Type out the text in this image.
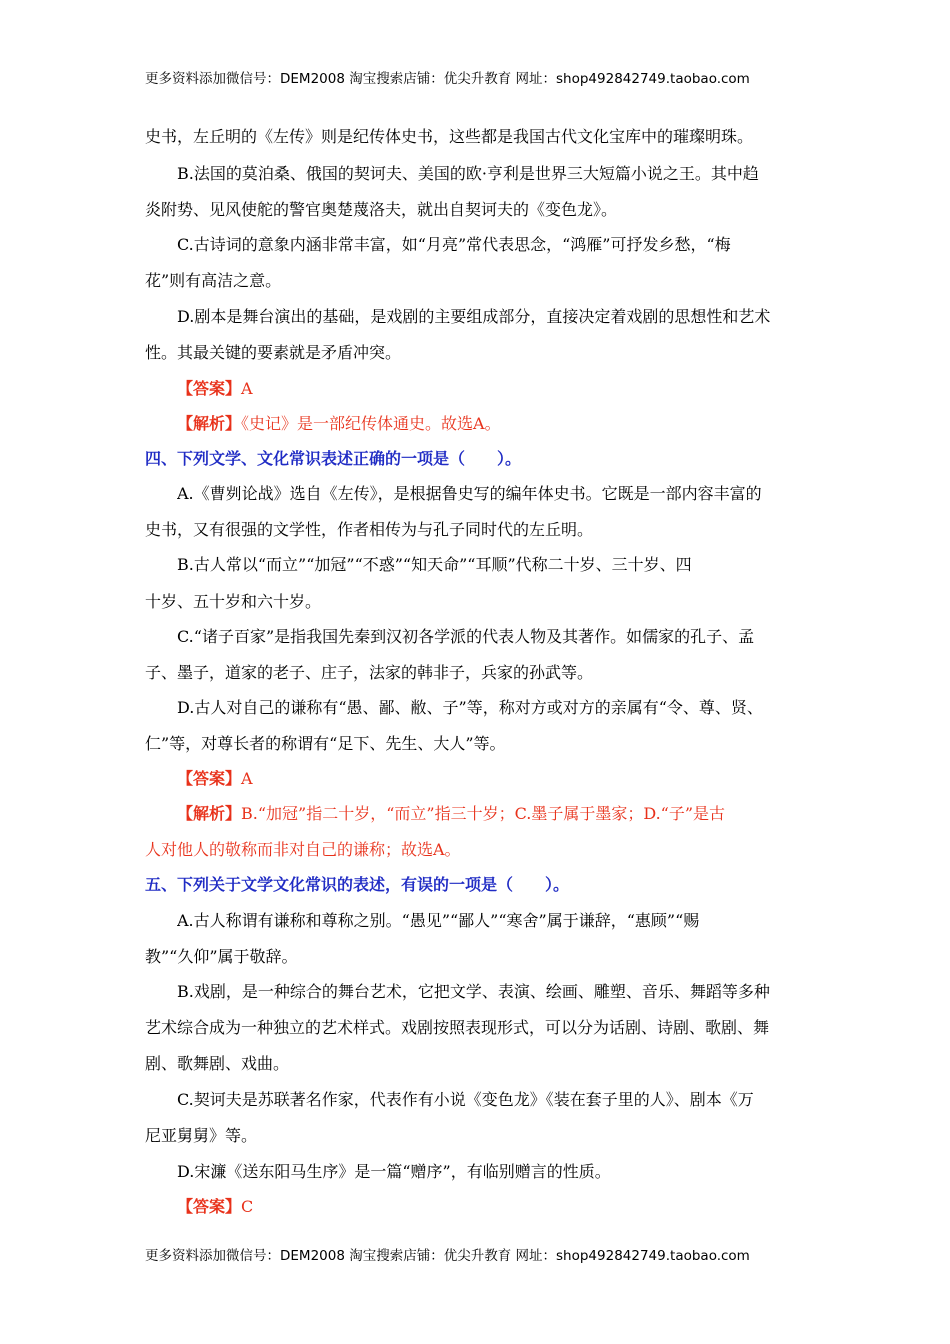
更多资料添加微信号：DEM2008 淘宝搜索店铺：优尖升教育 网址：shop492842749.taobao.com
史书，左丘明的《左传》则是纪传体史书，这些都是我国古代文化宝库中的璀璨明珠。
B.法国的莫泊桑、俄国的契诃夫、美国的欧·亨利是世界三大短篇小说之王。其中趋
炎附势、见风使舵的警官奥楚蔑洛夫，就出自契诃夫的《变色龙》。
C.古诗词的意象内涵非常丰富，如“月亮”常代表思念，“鸿雁”可抒发乡愁，“梅
花”则有高洁之意。
D.剧本是舞台演出的基础，是戏剧的主要组成部分，直接决定着戏剧的思想性和艺术
性。其最关键的要素就是矛盾冲突。
【答案】A
【解析】《史记》是一部纪传体通史。故选A。
四、下列文学、文化常识表述正确的一项是（　　）。
A.《曹刿论战》选自《左传》，是根据鲁史写的编年体史书。它既是一部内容丰富的
史书，又有很强的文学性，作者相传为与孔子同时代的左丘明。
B.古人常以“而立”“加冠”“不惑”“知天命”“耳顺”代称二十岁、三十岁、四
十岁、五十岁和六十岁。
C.“诸子百家”是指我国先秦到汉初各学派的代表人物及其著作。如儒家的孔子、孟
子、墨子，道家的老子、庄子，法家的韩非子，兵家的孙武等。
D.古人对自己的谦称有“愚、鄙、敝、子”等，称对方或对方的亲属有“令、尊、贤、
仁”等，对尊长者的称谓有“足下、先生、大人”等。
【答案】A
【解析】B.“加冠”指二十岁，“而立”指三十岁；C.墨子属于墨家；D.“子”是古
人对他人的敬称而非对自己的谦称；故选A。
五、下列关于文学文化常识的表述，有误的一项是（　　）。
A.古人称谓有谦称和尊称之别。“愚见”“鄙人”“寒舍”属于谦辞，“惠顾”“赐
教”“久仰”属于敬辞。
B.戏剧，是一种综合的舞台艺术，它把文学、表演、绘画、雕塑、音乐、舞蹈等多种
艺术综合成为一种独立的艺术样式。戏剧按照表现形式，可以分为话剧、诗剧、歌剧、舞
剧、歌舞剧、戏曲。
C.契诃夫是苏联著名作家，代表作有小说《变色龙》《装在套子里的人》、剧本《万
尼亚舅舅》等。
D.宋濂《送东阳马生序》是一篇“赠序”，有临别赠言的性质。
【答案】C
更多资料添加微信号：DEM2008 淘宝搜索店铺：优尖升教育 网址：shop492842749.taobao.com
